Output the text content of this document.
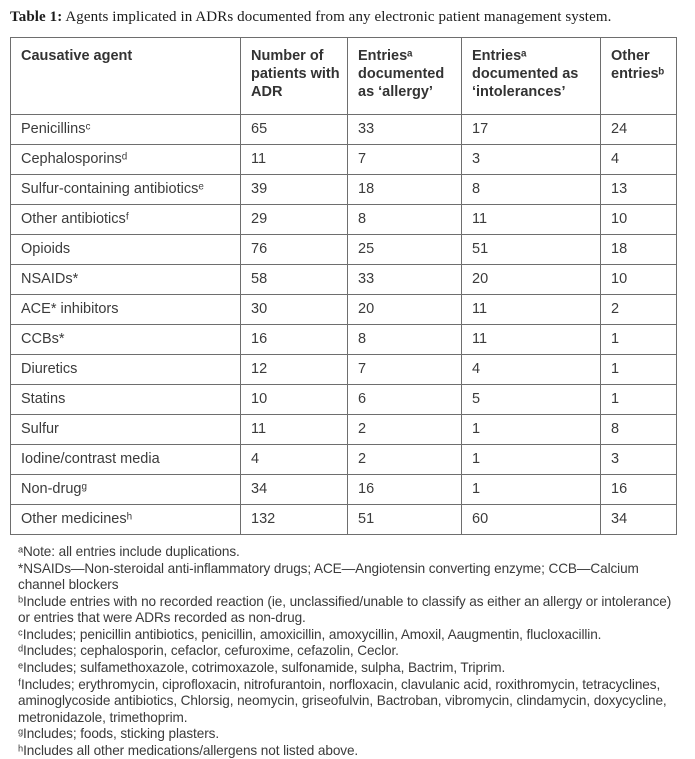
Table 1: Agents implicated in ADRs documented from any electronic patient management system.

Causative agent	Number of patients with ADR	Entriesᵃ documented as ‘allergy’	Entriesᵃ documented as ‘intolerances’	Other entriesᵇ
Penicillinsᶜ	65	33	17	24
Cephalosporinsᵈ	11	7	3	4
Sulfur-containing antibioticsᵉ	39	18	8	13
Other antibioticsᶠ	29	8	11	10
Opioids	76	25	51	18
NSAIDs*	58	33	20	10
ACE* inhibitors	30	20	11	2
CCBs*	16	8	11	1
Diuretics	12	7	4	1
Statins	10	6	5	1
Sulfur	11	2	1	8
Iodine/contrast media	4	2	1	3
Non-drugᵍ	34	16	1	16
Other medicinesʰ	132	51	60	34

ᵃNote: all entries include duplications.

*NSAIDs—Non-steroidal anti-inflammatory drugs; ACE—Angiotensin converting enzyme; CCB—Calcium channel blockers

ᵇInclude entries with no recorded reaction (ie, unclassified/unable to classify as either an allergy or intolerance) or entries that were ADRs recorded as non-drug.

ᶜIncludes; penicillin antibiotics, penicillin, amoxicillin, amoxycillin, Amoxil, Aaugmentin, flucloxacillin.

ᵈIncludes; cephalosporin, cefaclor, cefuroxime, cefazolin, Ceclor.

ᵉIncludes; sulfamethoxazole, cotrimoxazole, sulfonamide, sulpha, Bactrim, Triprim.

ᶠIncludes; erythromycin, ciprofloxacin, nitrofurantoin, norfloxacin, clavulanic acid, roxithromycin, tetracyclines, aminoglycoside antibiotics, Chlorsig, neomycin, griseofulvin, Bactroban, vibromycin, clindamycin, doxycycline, metronidazole, trimethoprim.

ᵍIncludes; foods, sticking plasters.

ʰIncludes all other medications/allergens not listed above.
